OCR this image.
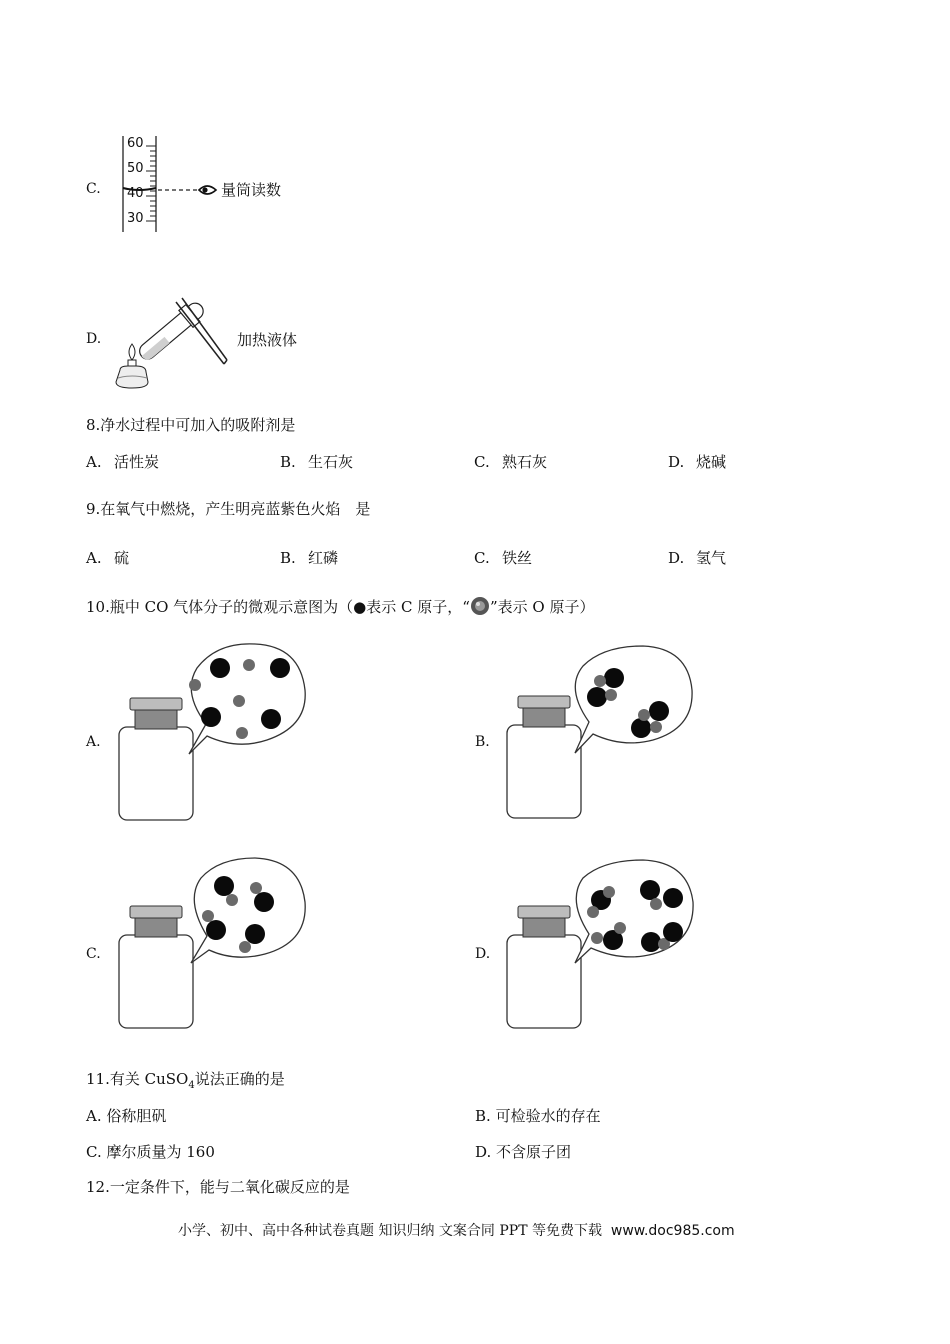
C.
60
50
40
30
量筒读数
D.	加热液体
8.净水过程中可加入的吸附剂是
A. 活性炭	B. 生石灰	C. 熟石灰	D. 烧碱
9.在氧气中燃烧，产生明亮蓝紫色火焰　是
A. 硫	B. 红磷	C. 铁丝	D. 氢气
10.瓶中 CO 气体分子的微观示意图为（●表示 C 原子，“ ”表示 O 原子）
A.	B.
C.	D.
11.有关 CuSO$_4$说法正确的是
A. 俗称胆矾	B. 可检验水的存在
C. 摩尔质量为 160	D. 不含原子团
12.一定条件下，能与二氧化碳反应的是
小学、初中、高中各种试卷真题 知识归纳 文案合同 PPT 等免费下载 www.doc985.com
